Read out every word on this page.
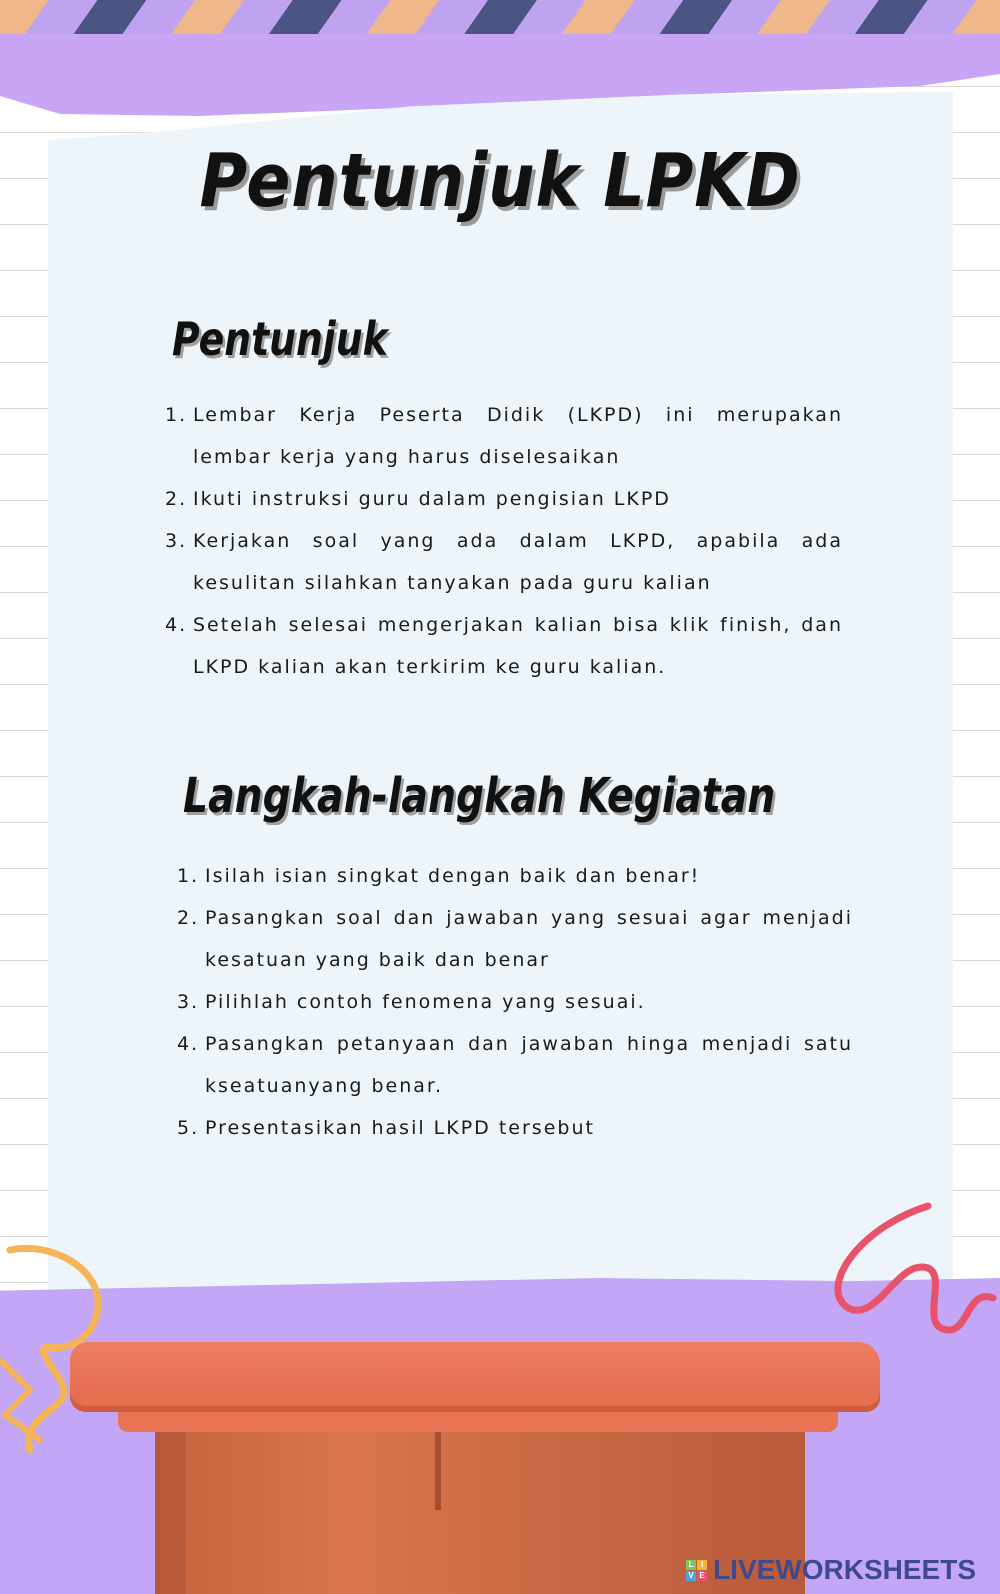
Pentunjuk LPKD
Pentunjuk
1. Lembar Kerja Peserta Didik (LKPD) ini merupakan lembar kerja yang harus diselesaikan
2. Ikuti instruksi guru dalam pengisian LKPD
3. Kerjakan soal yang ada dalam LKPD, apabila ada kesulitan silahkan tanyakan pada guru kalian
4. Setelah selesai mengerjakan kalian bisa klik finish, dan LKPD kalian akan terkirim ke guru kalian.
Langkah-langkah Kegiatan
1. Isilah isian singkat dengan baik dan benar!
2. Pasangkan soal dan jawaban yang sesuai agar menjadi kesatuan yang baik dan benar
3. Pilihlah contoh fenomena yang sesuai.
4. Pasangkan petanyaan dan jawaban hinga menjadi satu kseatuanyang benar.
5. Presentasikan hasil LKPD tersebut
L I
V E LIVEWORKSHEETS
